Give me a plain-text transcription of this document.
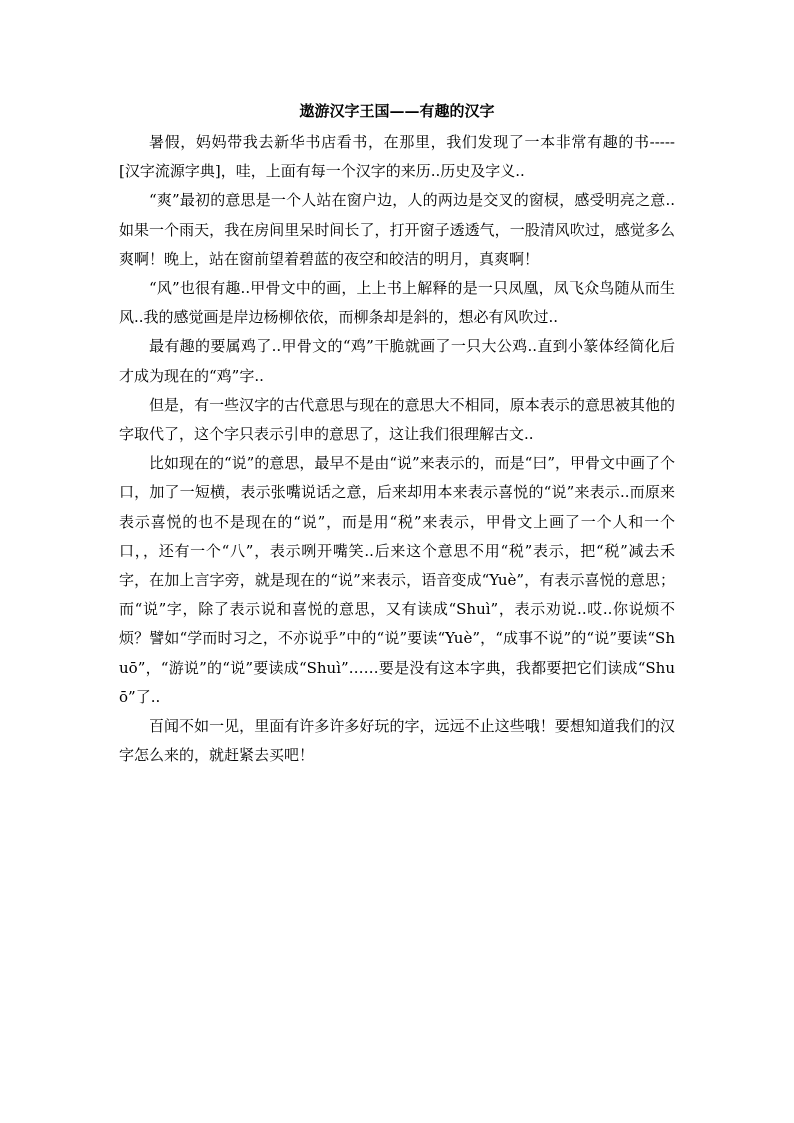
遨游汉字王国——有趣的汉字

暑假，妈妈带我去新华书店看书，在那里，我们发现了一本非常有趣的书-----[汉字流源字典]，哇，上面有每一个汉字的来历..历史及字义..

“爽”最初的意思是一个人站在窗户边，人的两边是交叉的窗棂，感受明亮之意..如果一个雨天，我在房间里呆时间长了，打开窗子透透气，一股清风吹过，感觉多么爽啊！晚上，站在窗前望着碧蓝的夜空和皎洁的明月，真爽啊！

“风”也很有趣..甲骨文中的画，上上书上解释的是一只凤凰，凤飞众鸟随从而生风..我的感觉画是岸边杨柳依依，而柳条却是斜的，想必有风吹过..

最有趣的要属鸡了..甲骨文的“鸡”干脆就画了一只大公鸡..直到小篆体经简化后才成为现在的“鸡”字..

但是，有一些汉字的古代意思与现在的意思大不相同，原本表示的意思被其他的字取代了，这个字只表示引申的意思了，这让我们很理解古文..

比如现在的“说”的意思，最早不是由“说”来表示的，而是“曰”，甲骨文中画了个口，加了一短横，表示张嘴说话之意，后来却用本来表示喜悦的“说”来表示..而原来表示喜悦的也不是现在的“说”，而是用“税”来表示，甲骨文上画了一个人和一个口，，还有一个“八”，表示咧开嘴笑..后来这个意思不用“税”表示，把“税”减去禾字，在加上言字旁，就是现在的“说”来表示，语音变成“Yuè”，有表示喜悦的意思；而“说”字，除了表示说和喜悦的意思，又有读成“Shuì”，表示劝说..哎..你说烦不烦？譬如“学而时习之，不亦说乎”中的“说”要读“Yuè”，“成事不说”的“说”要读“Shuō”，“游说”的“说”要读成“Shuì”……要是没有这本字典，我都要把它们读成“Shuō”了..

百闻不如一见，里面有许多许多好玩的字，远远不止这些哦！要想知道我们的汉字怎么来的，就赶紧去买吧！
